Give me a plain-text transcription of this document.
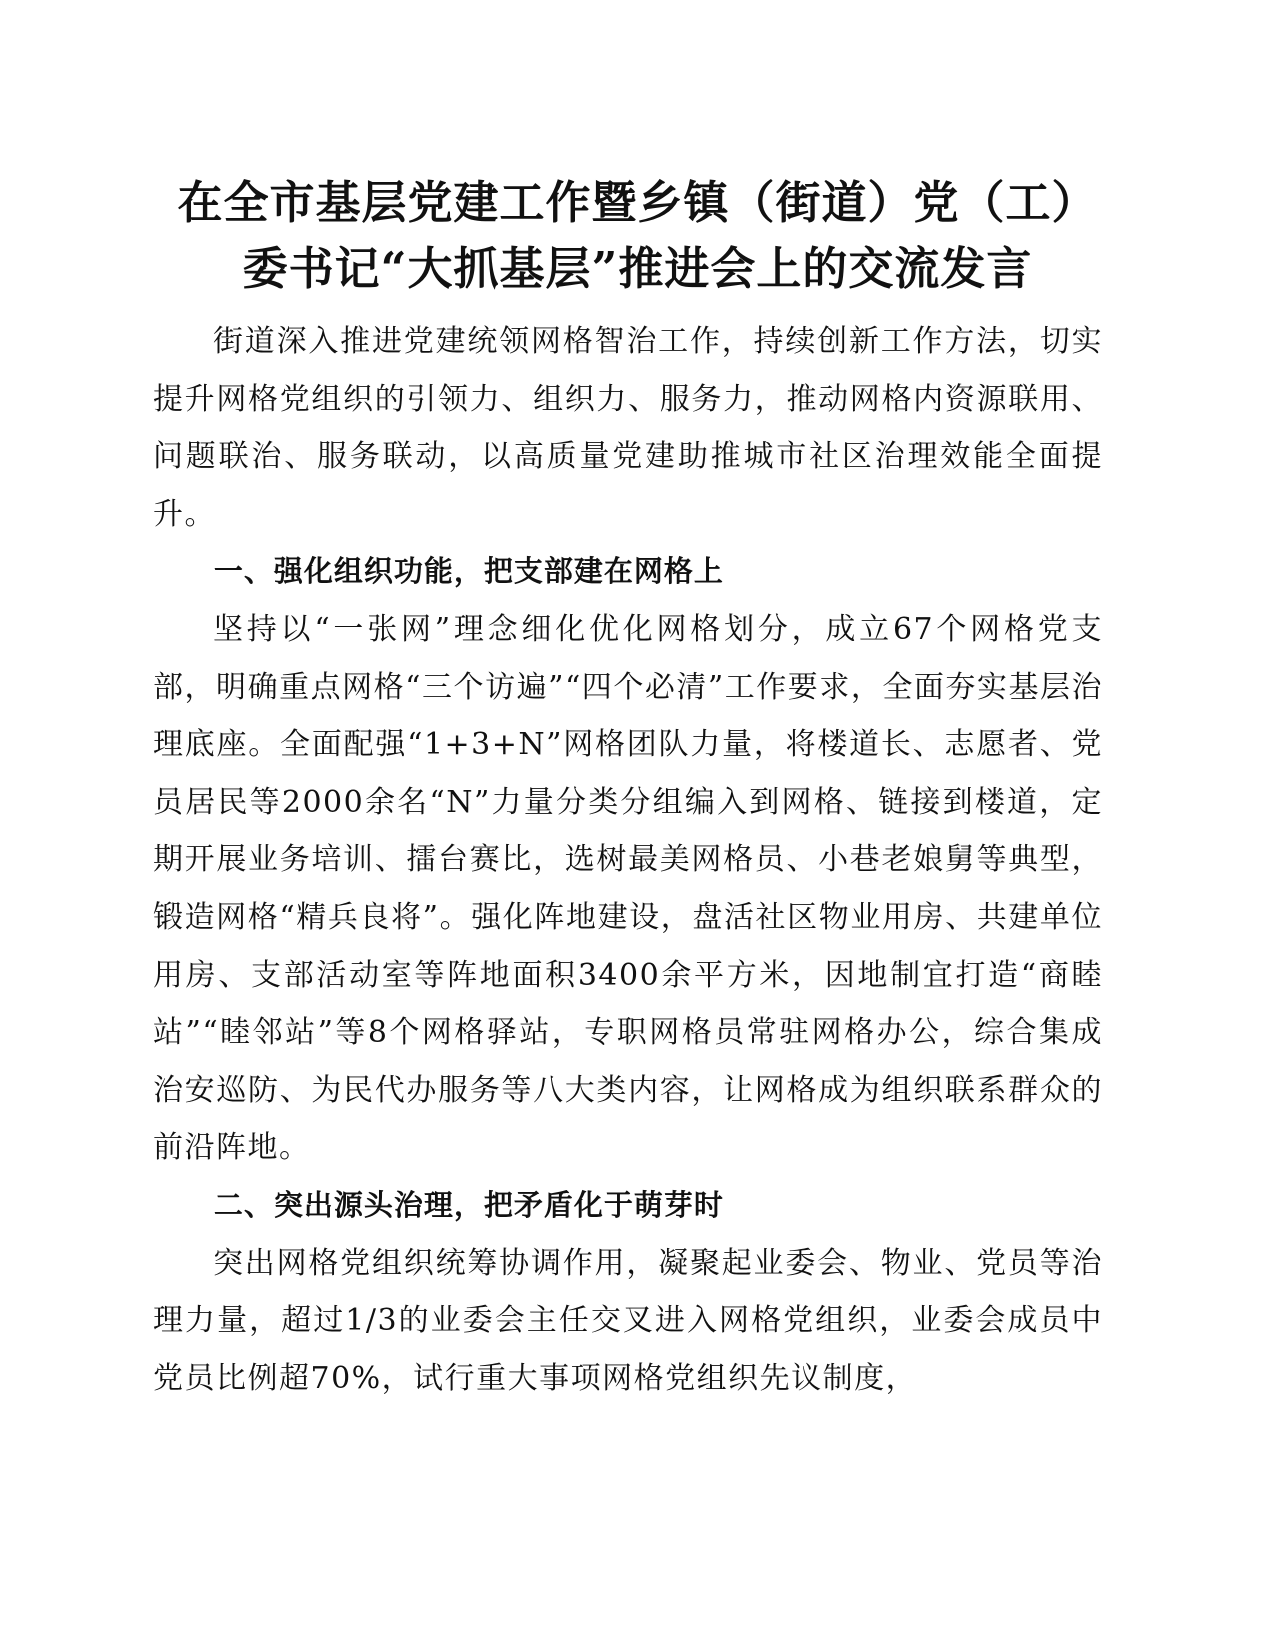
在全市基层党建工作暨乡镇（街道）党（工）
委书记“大抓基层”推进会上的交流发言

街道深入推进党建统领网格智治工作，持续创新工作方法，切实提升网格党组织的引领力、组织力、服务力，推动网格内资源联用、问题联治、服务联动，以高质量党建助推城市社区治理效能全面提升。

一、强化组织功能，把支部建在网格上

坚持以“一张网”理念细化优化网格划分，成立67个网格党支部，明确重点网格“三个访遍”“四个必清”工作要求，全面夯实基层治理底座。全面配强“1+3+N”网格团队力量，将楼道长、志愿者、党员居民等2000余名“N”力量分类分组编入到网格、链接到楼道，定期开展业务培训、擂台赛比，选树最美网格员、小巷老娘舅等典型，锻造网格“精兵良将”。强化阵地建设，盘活社区物业用房、共建单位用房、支部活动室等阵地面积3400余平方米，因地制宜打造“商睦站”“睦邻站”等8个网格驿站，专职网格员常驻网格办公，综合集成治安巡防、为民代办服务等八大类内容，让网格成为组织联系群众的前沿阵地。

二、突出源头治理，把矛盾化于萌芽时

突出网格党组织统筹协调作用，凝聚起业委会、物业、党员等治理力量，超过1/3的业委会主任交叉进入网格党组织，业委会成员中党员比例超70%，试行重大事项网格党组织先议制度，
